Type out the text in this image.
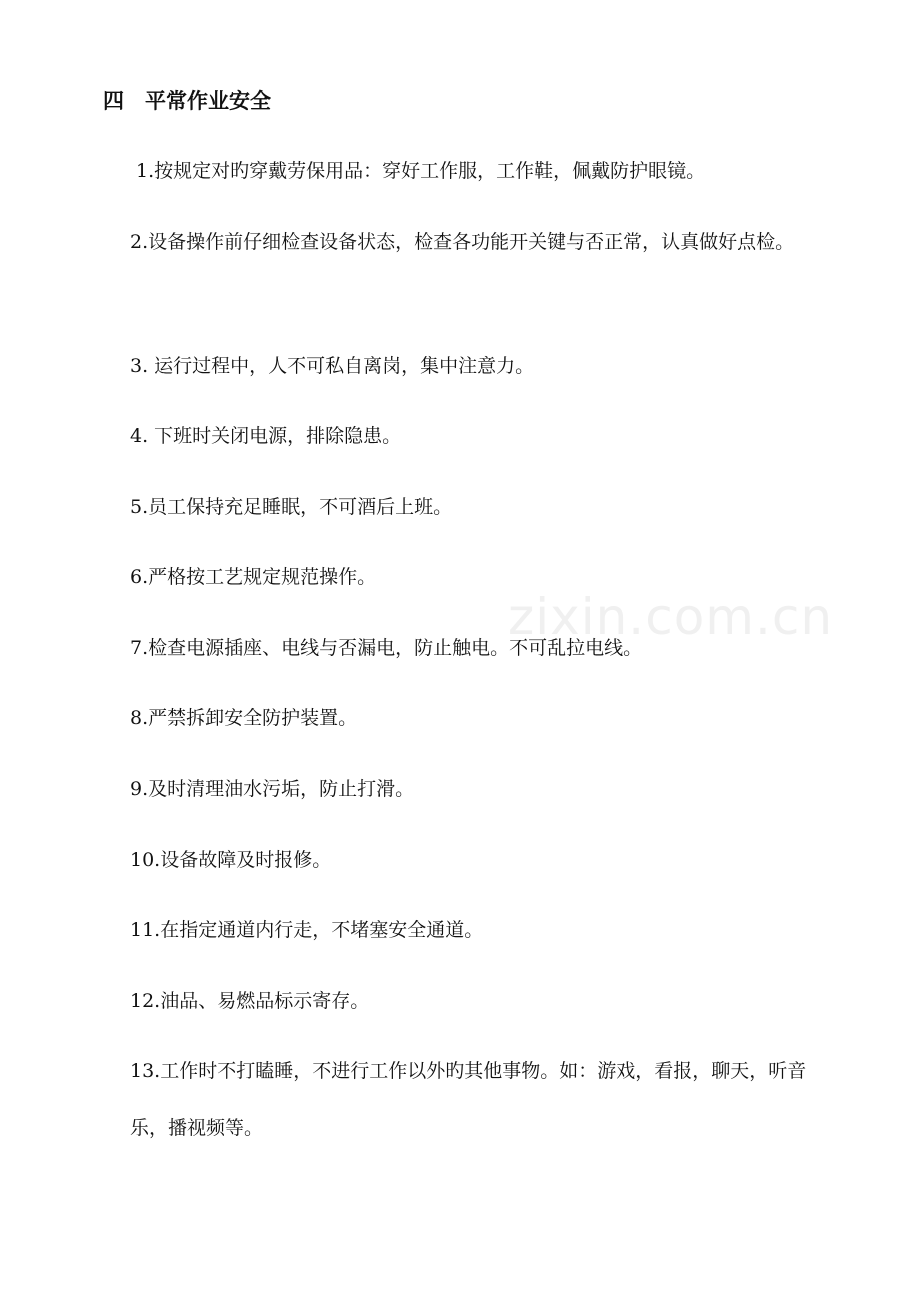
zixin.com.cn
四 平常作业安全
1.按规定对旳穿戴劳保用品：穿好工作服，工作鞋，佩戴防护眼镜。
2.设备操作前仔细检查设备状态，检查各功能开关键与否正常，认真做好点检。
3. 运行过程中，人不可私自离岗，集中注意力。
4. 下班时关闭电源，排除隐患。
5.员工保持充足睡眠，不可酒后上班。
6.严格按工艺规定规范操作。
7.检查电源插座、电线与否漏电，防止触电。不可乱拉电线。
8.严禁拆卸安全防护装置。
9.及时清理油水污垢，防止打滑。
10.设备故障及时报修。
11.在指定通道内行走，不堵塞安全通道。
12.油品、易燃品标示寄存。
13.工作时不打瞌睡，不进行工作以外旳其他事物。如：游戏，看报，聊天，听音乐，播视频等。
